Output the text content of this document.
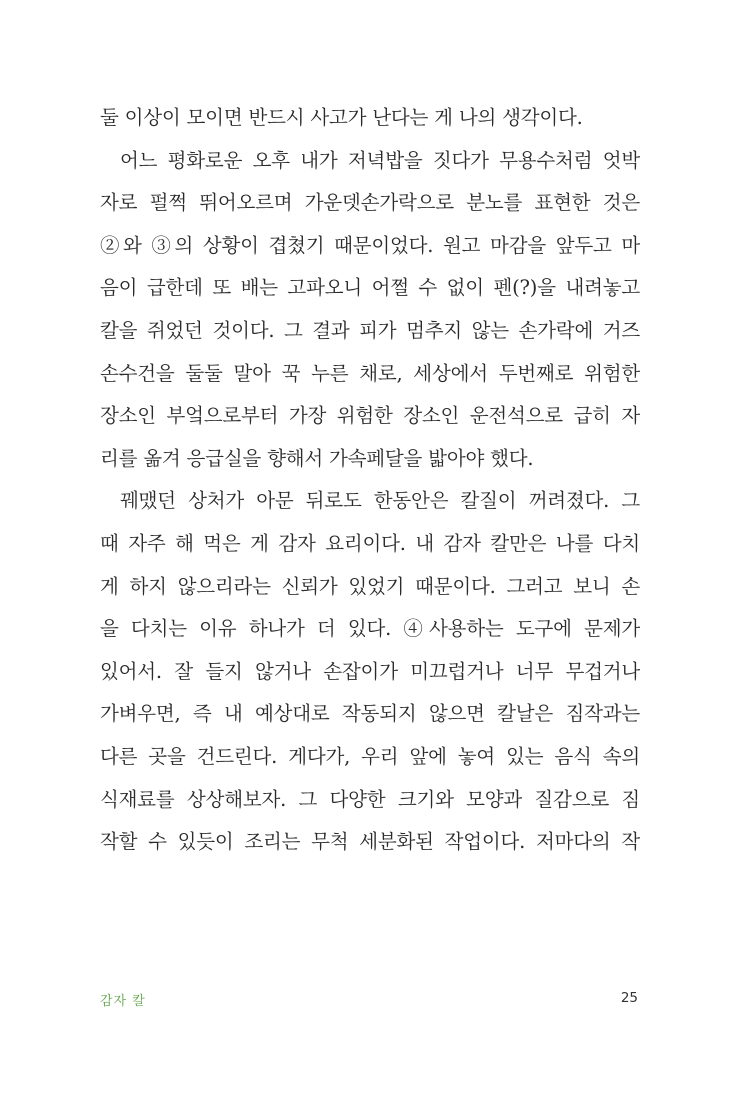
둘 이상이 모이면 반드시 사고가 난다는 게 나의 생각이다.
어느 평화로운 오후 내가 저녁밥을 짓다가 무용수처럼 엇박
자로 펄쩍 뛰어오르며 가운뎃손가락으로 분노를 표현한 것은
②와 ③의 상황이 겹쳤기 때문이었다. 원고 마감을 앞두고 마
음이 급한데 또 배는 고파오니 어쩔 수 없이 펜(?)을 내려놓고
칼을 쥐었던 것이다. 그 결과 피가 멈추지 않는 손가락에 거즈
손수건을 둘둘 말아 꾹 누른 채로, 세상에서 두번째로 위험한
장소인 부엌으로부터 가장 위험한 장소인 운전석으로 급히 자
리를 옮겨 응급실을 향해서 가속페달을 밟아야 했다.
꿰맸던 상처가 아문 뒤로도 한동안은 칼질이 꺼려졌다. 그
때 자주 해 먹은 게 감자 요리이다. 내 감자 칼만은 나를 다치
게 하지 않으리라는 신뢰가 있었기 때문이다. 그러고 보니 손
을 다치는 이유 하나가 더 있다. ④사용하는 도구에 문제가
있어서. 잘 들지 않거나 손잡이가 미끄럽거나 너무 무겁거나
가벼우면, 즉 내 예상대로 작동되지 않으면 칼날은 짐작과는
다른 곳을 건드린다. 게다가, 우리 앞에 놓여 있는 음식 속의
식재료를 상상해보자. 그 다양한 크기와 모양과 질감으로 짐
작할 수 있듯이 조리는 무척 세분화된 작업이다. 저마다의 작
감자 칼	25
